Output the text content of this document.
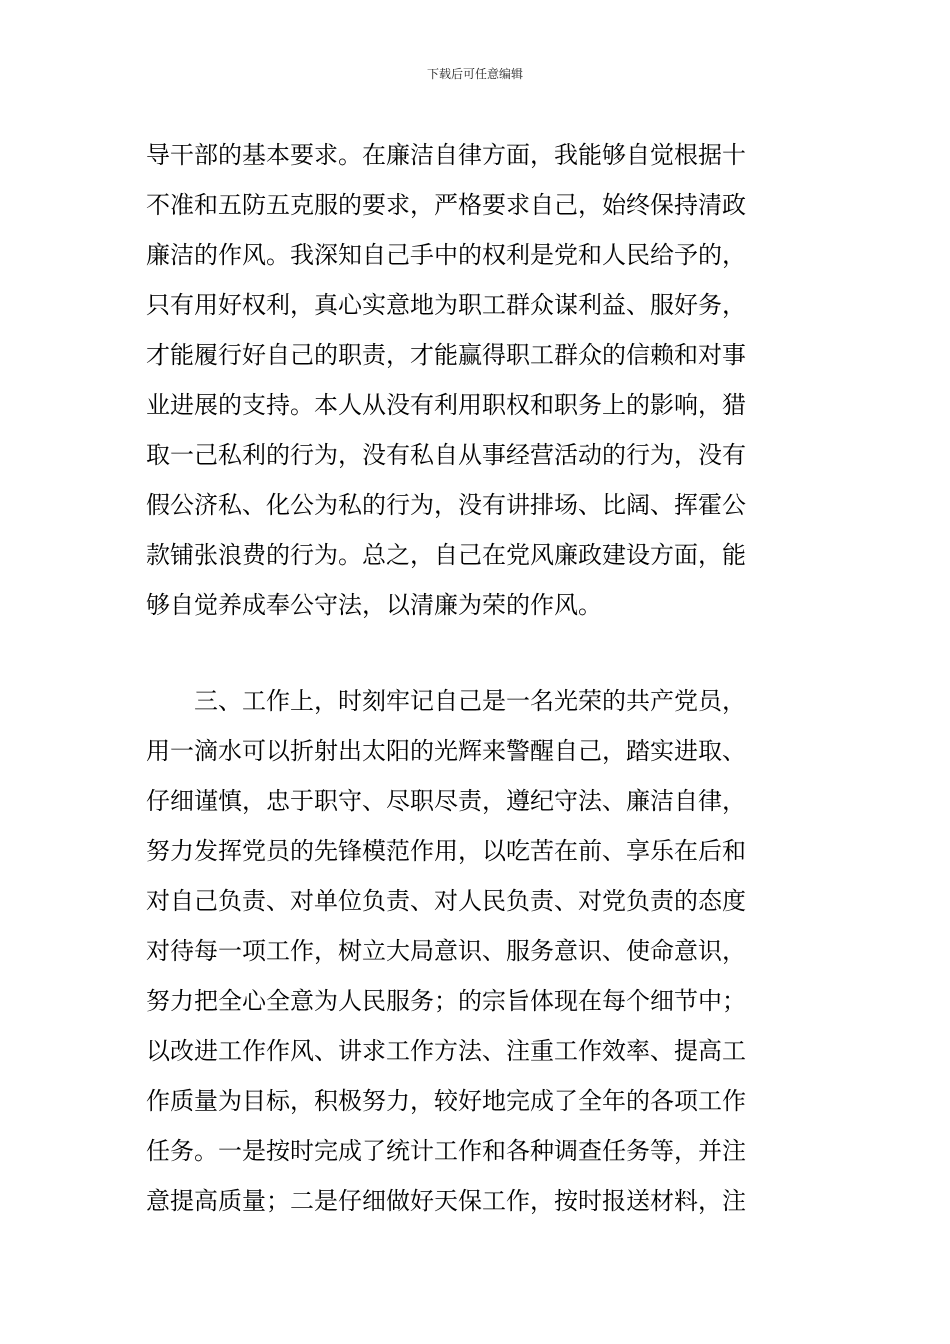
下载后可任意编辑
导干部的基本要求。在廉洁自律方面，我能够自觉根据十
不准和五防五克服的要求，严格要求自己，始终保持清政
廉洁的作风。我深知自己手中的权利是党和人民给予的，
只有用好权利，真心实意地为职工群众谋利益、服好务，
才能履行好自己的职责，才能赢得职工群众的信赖和对事
业进展的支持。本人从没有利用职权和职务上的影响，猎
取一己私利的行为，没有私自从事经营活动的行为，没有
假公济私、化公为私的行为，没有讲排场、比阔、挥霍公
款铺张浪费的行为。总之，自己在党风廉政建设方面，能
够自觉养成奉公守法，以清廉为荣的作风。
三、工作上，时刻牢记自己是一名光荣的共产党员，
用一滴水可以折射出太阳的光辉来警醒自己，踏实进取、
仔细谨慎，忠于职守、尽职尽责，遵纪守法、廉洁自律，
努力发挥党员的先锋模范作用，以吃苦在前、享乐在后和
对自己负责、对单位负责、对人民负责、对党负责的态度
对待每一项工作，树立大局意识、服务意识、使命意识，
努力把全心全意为人民服务；的宗旨体现在每个细节中；
以改进工作作风、讲求工作方法、注重工作效率、提高工
作质量为目标，积极努力，较好地完成了全年的各项工作
任务。一是按时完成了统计工作和各种调查任务等，并注
意提高质量；二是仔细做好天保工作，按时报送材料，注
